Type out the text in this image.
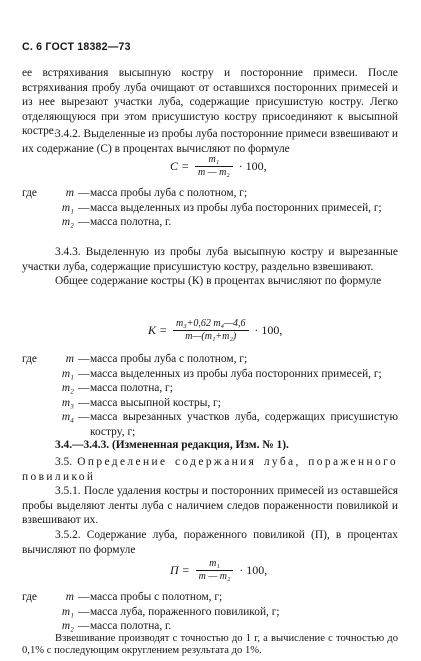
С. 6 ГОСТ 18382—73

ее встряхивания высыпную кострy и посторонние примеси. После встряхивания пробу луба очищают от оставшихся посторонних примесей и из нее вырезают участки луба, содержащие присушистую кострy. Легко отделяющуюся при этом присушистую кострy присоединяют к высыпной костре.

3.4.2. Выделенные из пробы луба посторонние примеси взвешивают и их содержание (С) в процентах вычисляют по формуле

$C = \frac{\text{m₁}}{\text{m — m₂}} \cdot 100$,
где	m — масса пробы луба с полотном, г;
m₁ — масса выделенных из пробы луба посторонних примесей, г;
m₂ — масса полотна, г.

3.4.3. Выделенную из пробы луба высыпную кострy и вырезанные участки луба, содержащие присушистую кострy, раздельно взвешивают.

Общее содержание костры (К) в процентах вычисляют по формуле

$K = \frac{\text{m₃+0,62 m₄—4,6}}{\text{m—(m₁+m₂)}} \cdot 100$,
где	m — масса пробы луба с полотном, г;
m₁ — масса выделенных из пробы луба посторонних примесей, г;
m₂ — масса полотна, г;
m₃ — масса высыпной костры, г;
m₄ — масса вырезанных участков луба, содержащих присушистую кострy, г;

3.4.—3.4.3. (Измененная редакция, Изм. № 1).

3.5. Определение содержания луба, пораженного повиликой

3.5.1. После удаления костры и посторонних примесей из оставшейся пробы выделяют ленты луба с наличием следов пораженности повиликой и взвешивают их.

3.5.2. Содержание луба, пораженного повиликой (П), в процентах вычисляют по формуле

$П = \frac{\text{m₁}}{\text{m — m₂}} \cdot 100$,
где	m — масса пробы с полотном, г;
m₁ — масса луба, пораженного повиликой, г;
m₂ — масса полотна, г.

Взвешивание производят с точностью до 1 г, а вычисление с точностью до 0,1% с последующим округлением результата до 1%.
